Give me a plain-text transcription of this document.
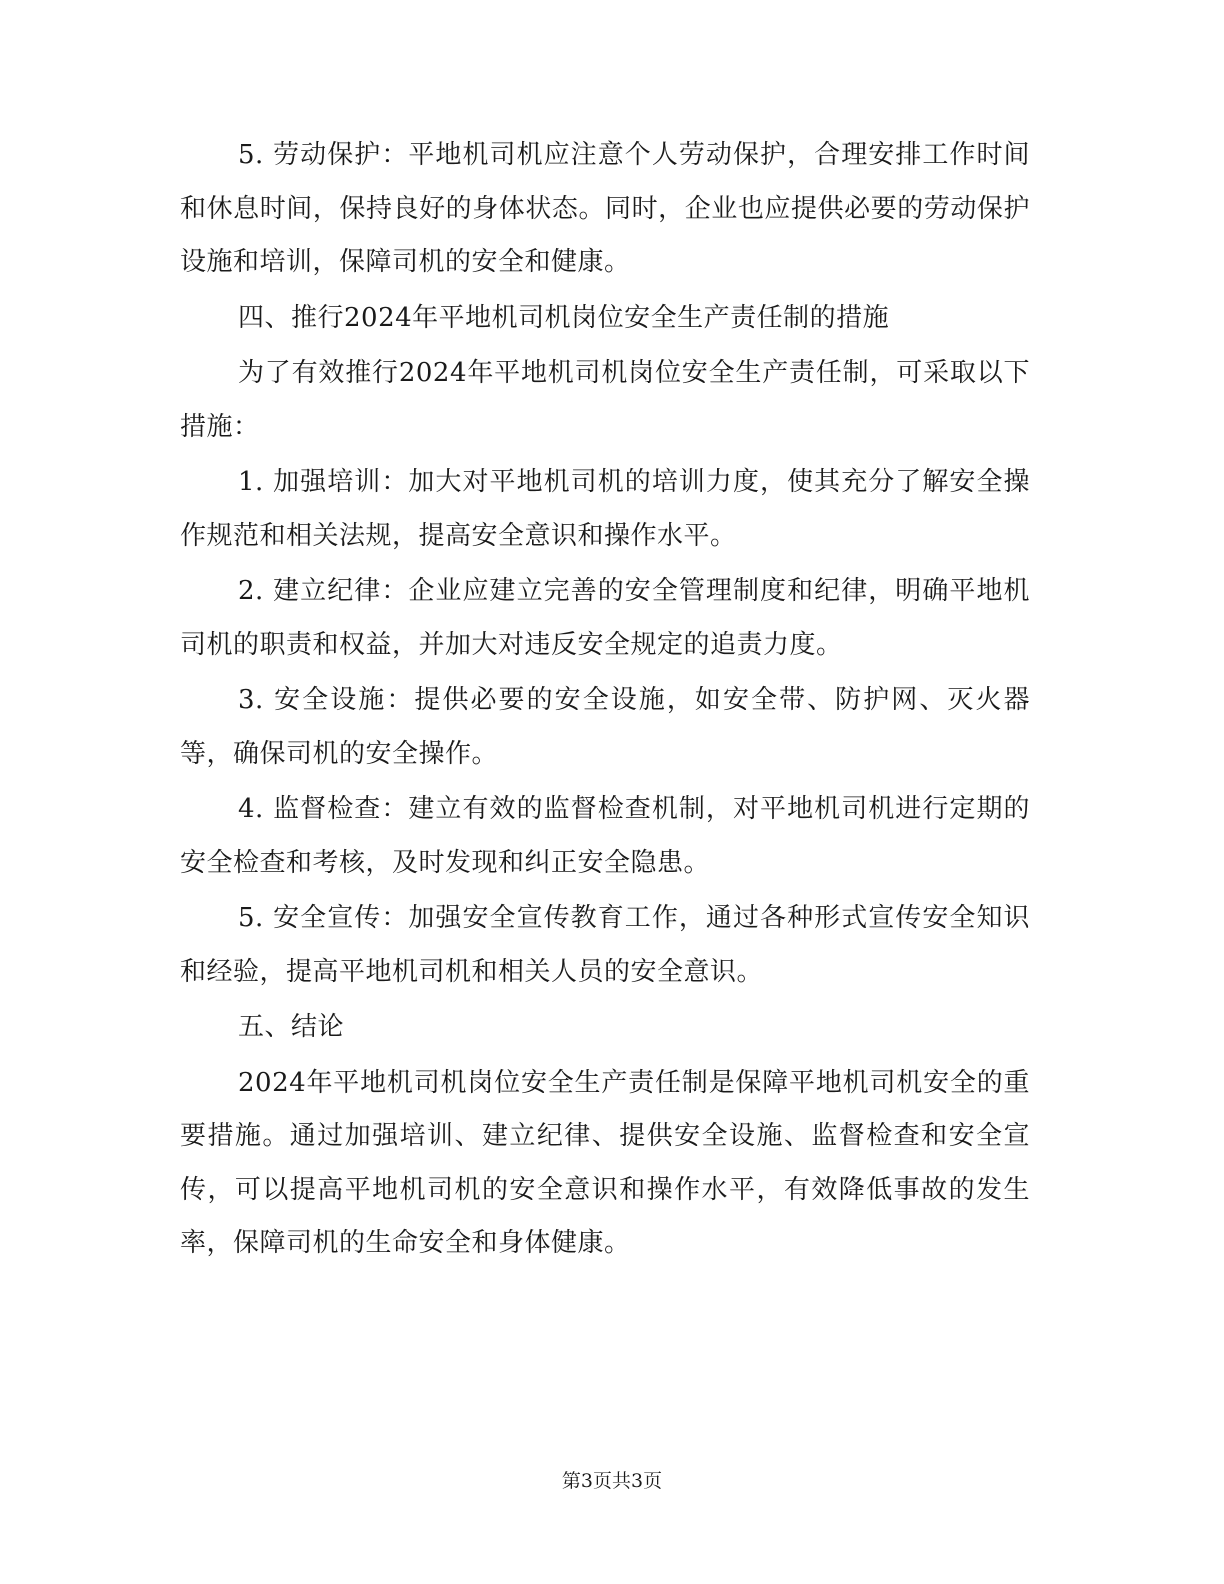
5. 劳动保护：平地机司机应注意个人劳动保护，合理安排工作时间和休息时间，保持良好的身体状态。同时，企业也应提供必要的劳动保护设施和培训，保障司机的安全和健康。

四、推行2024年平地机司机岗位安全生产责任制的措施

为了有效推行2024年平地机司机岗位安全生产责任制，可采取以下措施：

1. 加强培训：加大对平地机司机的培训力度，使其充分了解安全操作规范和相关法规，提高安全意识和操作水平。

2. 建立纪律：企业应建立完善的安全管理制度和纪律，明确平地机司机的职责和权益，并加大对违反安全规定的追责力度。

3. 安全设施：提供必要的安全设施，如安全带、防护网、灭火器等，确保司机的安全操作。

4. 监督检查：建立有效的监督检查机制，对平地机司机进行定期的安全检查和考核，及时发现和纠正安全隐患。

5. 安全宣传：加强安全宣传教育工作，通过各种形式宣传安全知识和经验，提高平地机司机和相关人员的安全意识。

五、结论

2024年平地机司机岗位安全生产责任制是保障平地机司机安全的重要措施。通过加强培训、建立纪律、提供安全设施、监督检查和安全宣传，可以提高平地机司机的安全意识和操作水平，有效降低事故的发生率，保障司机的生命安全和身体健康。

第3页共3页
